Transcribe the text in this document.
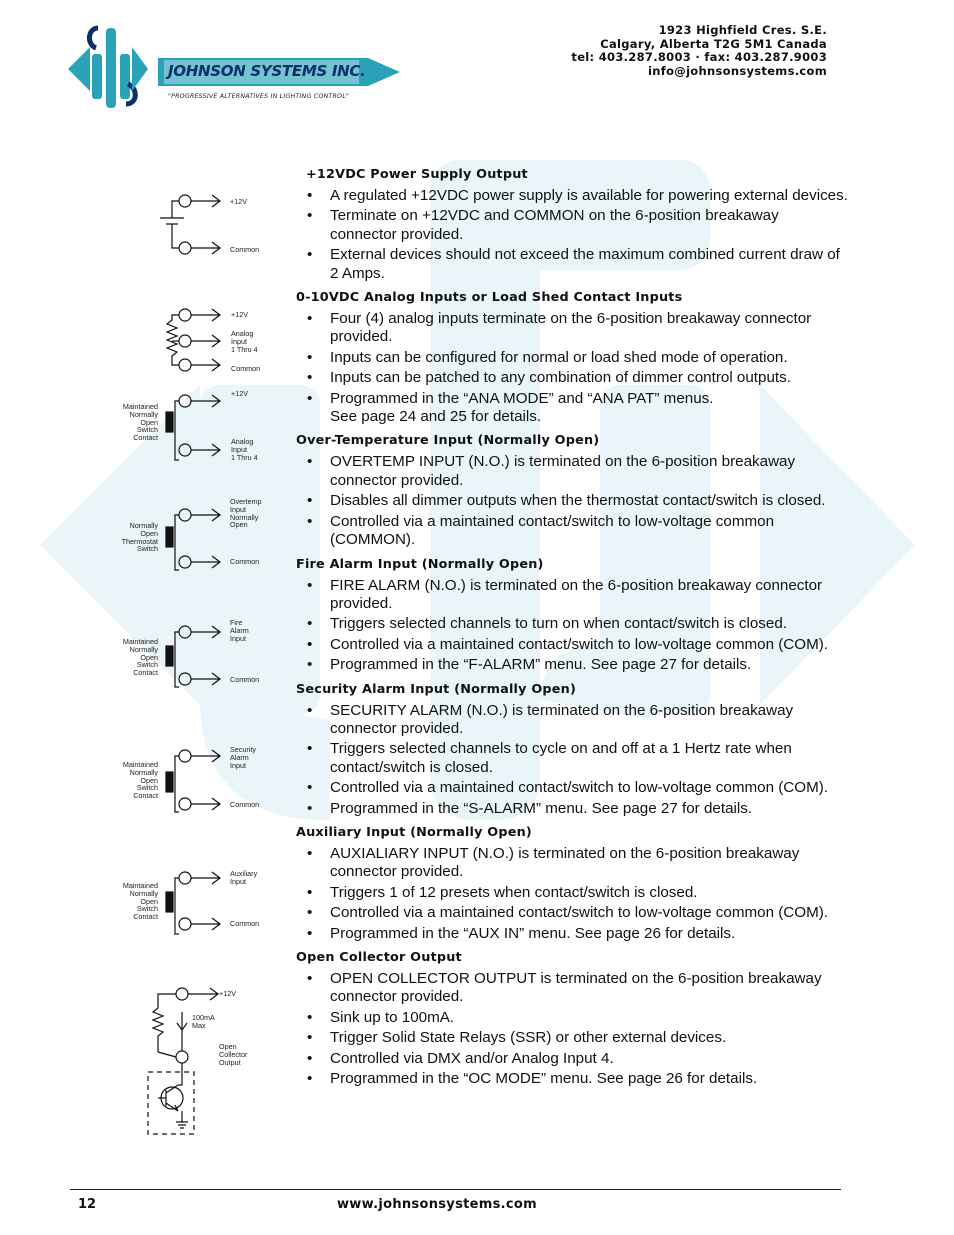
JOHNSON SYSTEMS INC.
"PROGRESSIVE ALTERNATIVES IN LIGHTING CONTROL"
1923 Highfield Cres. S.E.
Calgary, Alberta T2G 5M1 Canada
tel: 403.287.8003 · fax: 403.287.9003
info@johnsonsystems.com
+12V
Common
+12V
Analog
Input
1 Thru 4
Common
+12V
Maintained
Normally
Open
Switch
Contact	Analog
Input
1 Thru 4
Overtemp
Input
Normally
Open
Normally
Open
Thermostat
Switch
Common
Fire
Alarm
Input
Maintained
Normally
Open
Switch
Contact
Common
Security
Alarm
Input
Maintained
Normally
Open
Switch
Contact
Common
Auxiliary
Input
Maintained
Normally
Open
Switch
Contact
Common
+12V
100mA
Max
Open
Collector
Output
+12VDC Power Supply Output
• A regulated +12VDC power supply is available for powering external devices.
• Terminate on +12VDC and COMMON on the 6-position breakaway connector provided.
• External devices should not exceed the maximum combined current draw of 2 Amps.
0-10VDC Analog Inputs or Load Shed Contact Inputs
• Four (4) analog inputs terminate on the 6-position breakaway connector provided.
• Inputs can be configured for normal or load shed mode of operation.
• Inputs can be patched to any combination of dimmer control outputs.
• Programmed in the “ANA MODE” and “ANA PAT” menus.
See page 24 and 25 for details.
Over-Temperature Input (Normally Open)
• OVERTEMP INPUT (N.O.) is terminated on the 6-position breakaway connector provided.
• Disables all dimmer outputs when the thermostat contact/switch is closed.
• Controlled via a maintained contact/switch to low-voltage common (COMMON).
Fire Alarm Input (Normally Open)
• FIRE ALARM (N.O.) is terminated on the 6-position breakaway connector provided.
• Triggers selected channels to turn on when contact/switch is closed.
• Controlled via a maintained contact/switch to low-voltage common (COM).
• Programmed in the “F-ALARM” menu. See page 27 for details.
Security Alarm Input (Normally Open)
• SECURITY ALARM (N.O.) is terminated on the 6-position breakaway connector provided.
• Triggers selected channels to cycle on and off at a 1 Hertz rate when contact/switch is closed.
• Controlled via a maintained contact/switch to low-voltage common (COM).
• Programmed in the “S-ALARM” menu. See page 27 for details.
Auxiliary Input (Normally Open)
• AUXIALIARY INPUT (N.O.) is terminated on the 6-position breakaway connector provided.
• Triggers 1 of 12 presets when contact/switch is closed.
• Controlled via a maintained contact/switch to low-voltage common (COM).
• Programmed in the “AUX IN” menu. See page 26 for details.
Open Collector Output
• OPEN COLLECTOR OUTPUT is terminated on the 6-position breakaway connector provided.
• Sink up to 100mA.
• Trigger Solid State Relays (SSR) or other external devices.
• Controlled via DMX and/or Analog Input 4.
• Programmed in the “OC MODE” menu. See page 26 for details.
12	www.johnsonsystems.com
